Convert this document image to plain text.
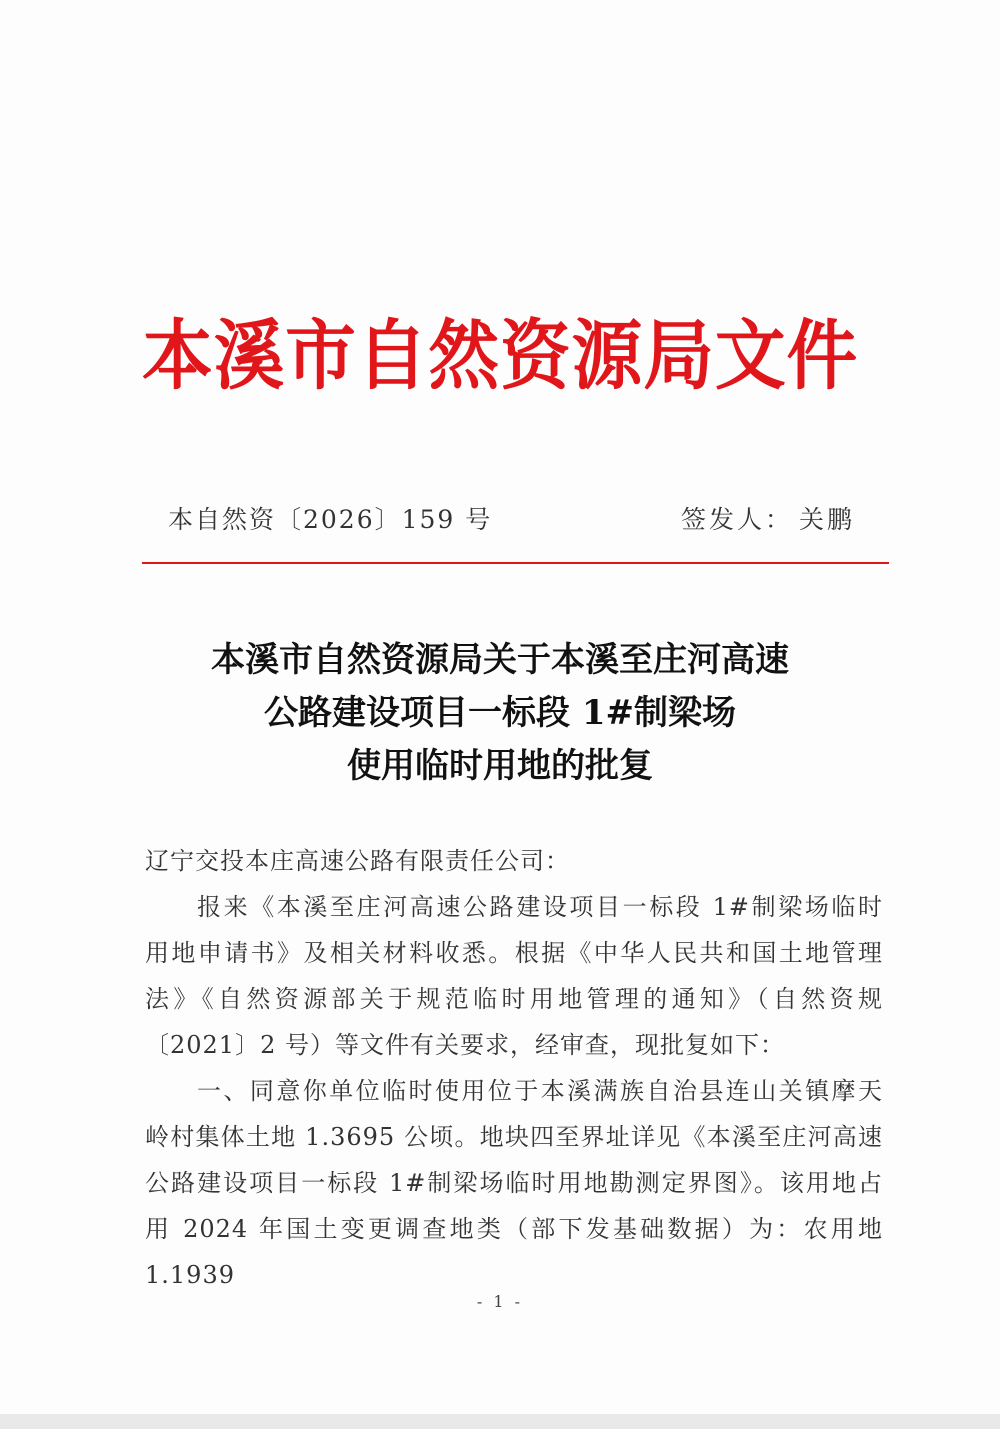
本溪市自然资源局文件
本自然资〔2026〕159 号	签发人： 关鹏
本溪市自然资源局关于本溪至庄河高速
公路建设项目一标段 1#制梁场
使用临时用地的批复

辽宁交投本庄高速公路有限责任公司：

报来《本溪至庄河高速公路建设项目一标段 1#制梁场临时

用地申请书》及相关材料收悉。根据《中华人民共和国土地管理

法》《自然资源部关于规范临时用地管理的通知》（自然资规

〔2021〕2 号）等文件有关要求，经审查，现批复如下：

一、同意你单位临时使用位于本溪满族自治县连山关镇摩天

岭村集体土地 1.3695 公顷。地块四至界址详见《本溪至庄河高速

公路建设项目一标段 1#制梁场临时用地勘测定界图》。该用地占

用 2024 年国土变更调查地类（部下发基础数据）为：农用地 1.1939

- 1 -
